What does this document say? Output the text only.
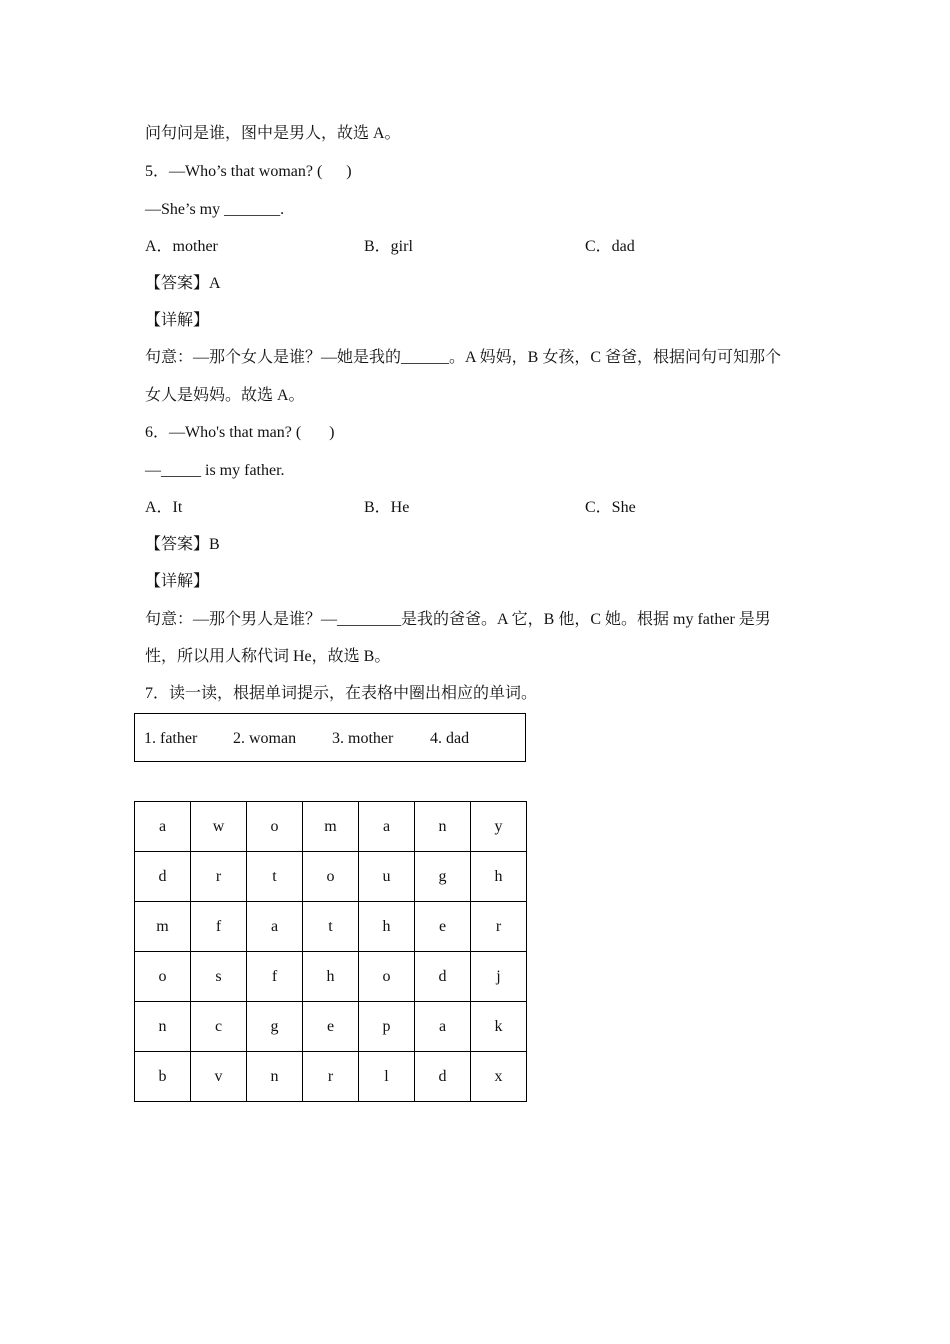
问句问是谁，图中是男人，故选 A。
5．—Who’s that woman? (      )
—She’s my _______.
A．mother	B．girl	C．dad
【答案】A
【详解】
句意：—那个女人是谁？—她是我的______。A 妈妈，B 女孩，C 爸爸，根据问句可知那个
女人是妈妈。故选 A。
6．—Who's that man? (       )
—_____ is my father.
A．It	B．He	C．She
【答案】B
【详解】
句意：—那个男人是谁？—________是我的爸爸。A 它，B 他，C 她。根据 my father 是男
性，所以用人称代词 He，故选 B。
7．读一读，根据单词提示，在表格中圈出相应的单词。
1. father 2. woman 3. mother 4. dad
a	w	o	m	a	n	y
d	r	t	o	u	g	h
m	f	a	t	h	e	r
o	s	f	h	o	d	j
n	c	g	e	p	a	k
b	v	n	r	l	d	x
